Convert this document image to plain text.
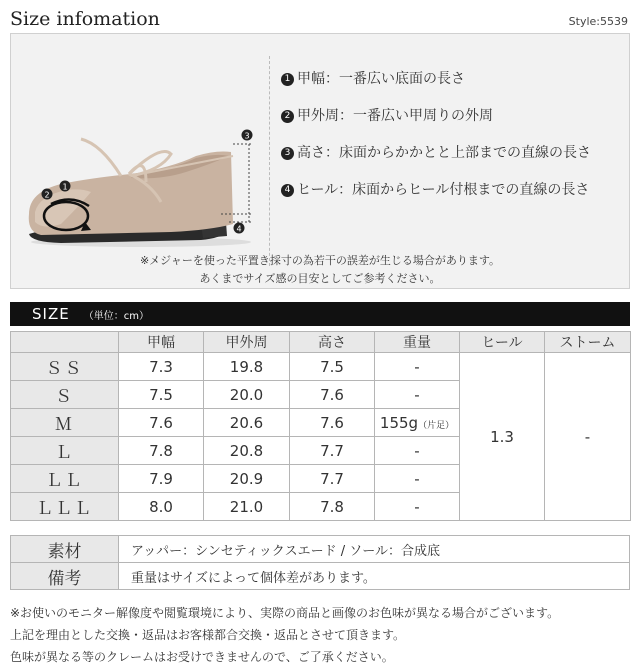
Size infomation	Style:5539
3
1
2
4
1 甲幅：一番広い底面の長さ
2 甲外周：一番広い甲周りの外周
3 高さ：床面からかかとと上部までの直線の長さ
4 ヒール：床面からヒール付根までの直線の長さ
※メジャーを使った平置き採寸の為若干の誤差が生じる場合があります。
あくまでサイズ感の目安としてご参考ください。
SIZE （単位：cm）
	甲幅	甲外周	高さ	重量	ヒール	ストーム
ＳＳ	7.3	19.8	7.5	-	1.3	-
Ｓ	7.5	20.0	7.6	-		
Ｍ	7.6	20.6	7.6	155g（片足）		
Ｌ	7.8	20.8	7.7	-		
ＬＬ	7.9	20.9	7.7	-		
ＬＬＬ	8.0	21.0	7.8	-		
素材	アッパー：シンセティックスエード / ソール：合成底
備考	重量はサイズによって個体差があります。
※お使いのモニター解像度や閲覧環境により、実際の商品と画像のお色味が異なる場合がございます。
上記を理由とした交換・返品はお客様都合交換・返品とさせて頂きます。
色味が異なる等のクレームはお受けできませんので、ご了承ください。
